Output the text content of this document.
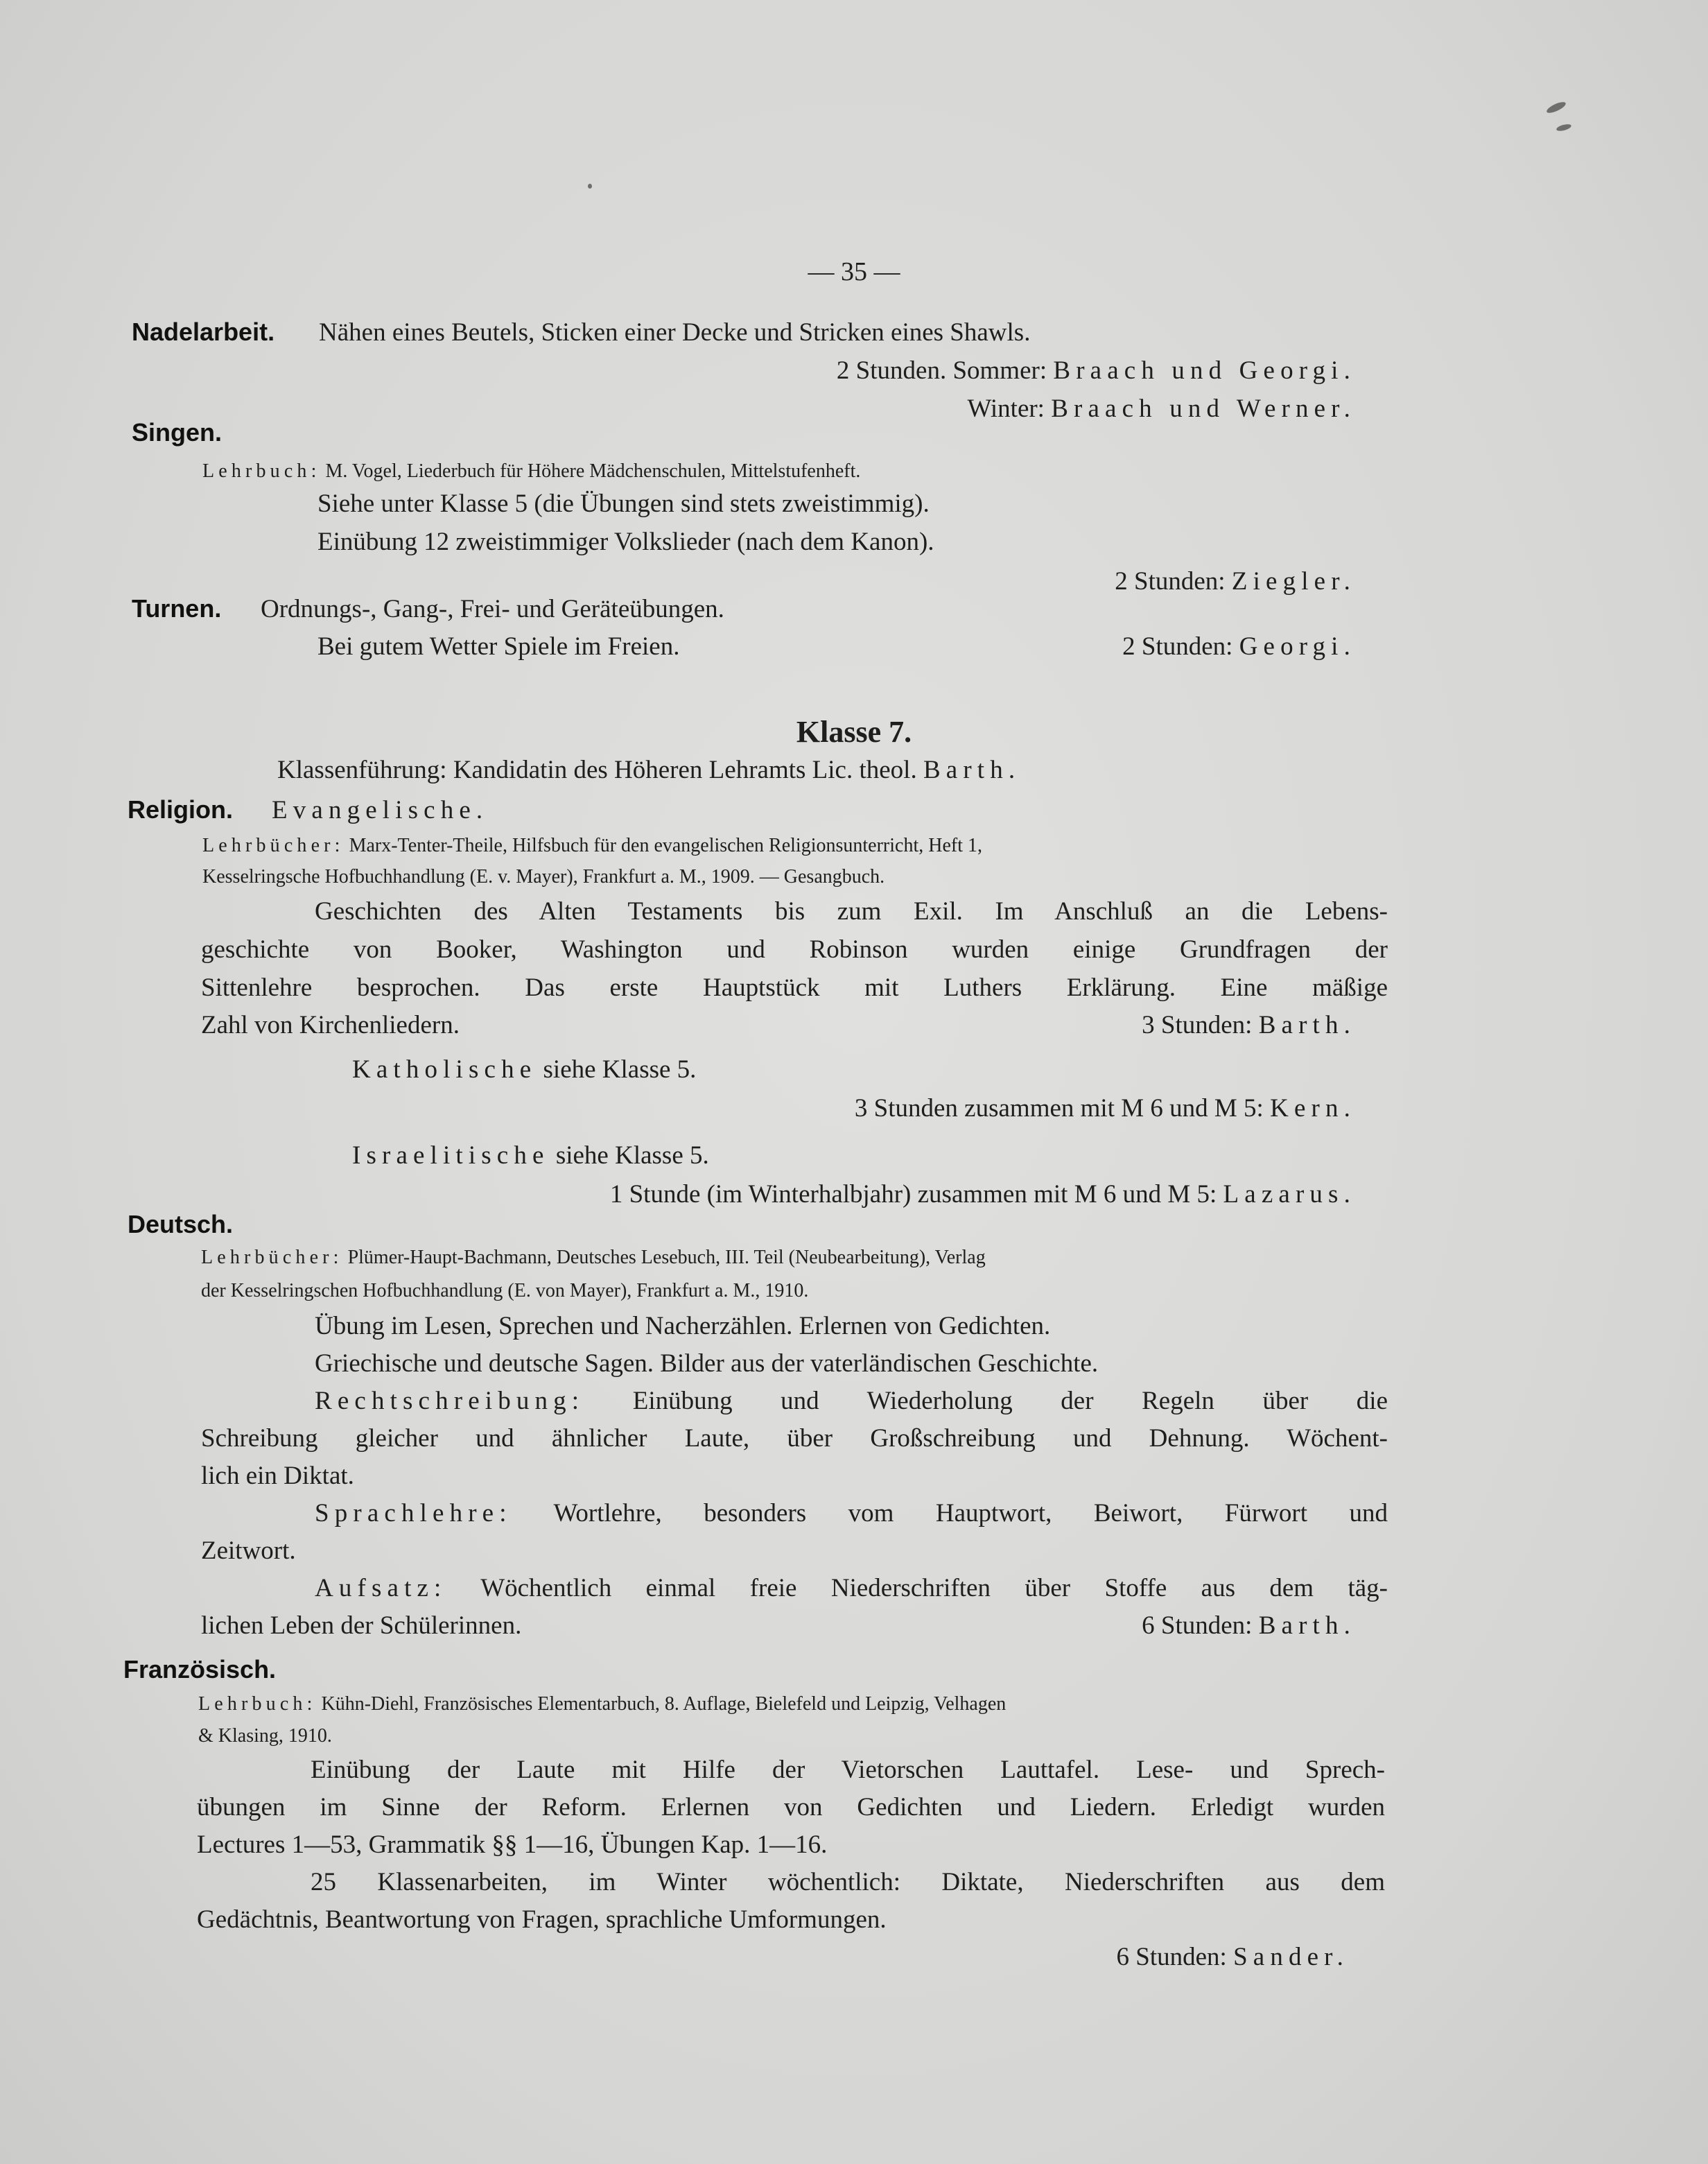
— 35 —
Nadelarbeit. Nähen eines Beutels, Sticken einer Decke und Stricken eines Shawls.
2 Stunden. Sommer: Braach und Georgi.
Winter: Braach und Werner.
Singen.
Lehrbuch: M. Vogel, Liederbuch für Höhere Mädchenschulen, Mittelstufenheft.
Siehe unter Klasse 5 (die Übungen sind stets zweistimmig).
Einübung 12 zweistimmiger Volkslieder (nach dem Kanon).
2 Stunden: Ziegler.
Turnen. Ordnungs-, Gang-, Frei- und Geräteübungen.
Bei gutem Wetter Spiele im Freien.	2 Stunden: Georgi.
Klasse 7.
Klassenführung: Kandidatin des Höheren Lehramts Lic. theol. Barth.
Religion. Evangelische.
Lehrbücher: Marx-Tenter-Theile, Hilfsbuch für den evangelischen Religionsunterricht, Heft 1,
Kesselringsche Hofbuchhandlung (E. v. Mayer), Frankfurt a. M., 1909. — Gesangbuch.
Geschichten des Alten Testaments bis zum Exil. Im Anschluß an die Lebens-
geschichte von Booker, Washington und Robinson wurden einige Grundfragen der
Sittenlehre besprochen. Das erste Hauptstück mit Luthers Erklärung. Eine mäßige
Zahl von Kirchenliedern.	3 Stunden: Barth.
Katholische siehe Klasse 5.
3 Stunden zusammen mit M 6 und M 5: Kern.
Israelitische siehe Klasse 5.
1 Stunde (im Winterhalbjahr) zusammen mit M 6 und M 5: Lazarus.
Deutsch.
Lehrbücher: Plümer-Haupt-Bachmann, Deutsches Lesebuch, III. Teil (Neubearbeitung), Verlag
der Kesselringschen Hofbuchhandlung (E. von Mayer), Frankfurt a. M., 1910.
Übung im Lesen, Sprechen und Nacherzählen. Erlernen von Gedichten.
Griechische und deutsche Sagen. Bilder aus der vaterländischen Geschichte.
Rechtschreibung: Einübung und Wiederholung der Regeln über die
Schreibung gleicher und ähnlicher Laute, über Großschreibung und Dehnung. Wöchent-
lich ein Diktat.
Sprachlehre: Wortlehre, besonders vom Hauptwort, Beiwort, Fürwort und
Zeitwort.
Aufsatz: Wöchentlich einmal freie Niederschriften über Stoffe aus dem täg-
lichen Leben der Schülerinnen.	6 Stunden: Barth.
Französisch.
Lehrbuch: Kühn-Diehl, Französisches Elementarbuch, 8. Auflage, Bielefeld und Leipzig, Velhagen
& Klasing, 1910.
Einübung der Laute mit Hilfe der Vietorschen Lauttafel. Lese- und Sprech-
übungen im Sinne der Reform. Erlernen von Gedichten und Liedern. Erledigt wurden
Lectures 1—53, Grammatik §§ 1—16, Übungen Kap. 1—16.
25 Klassenarbeiten, im Winter wöchentlich: Diktate, Niederschriften aus dem
Gedächtnis, Beantwortung von Fragen, sprachliche Umformungen.
6 Stunden: Sander.
